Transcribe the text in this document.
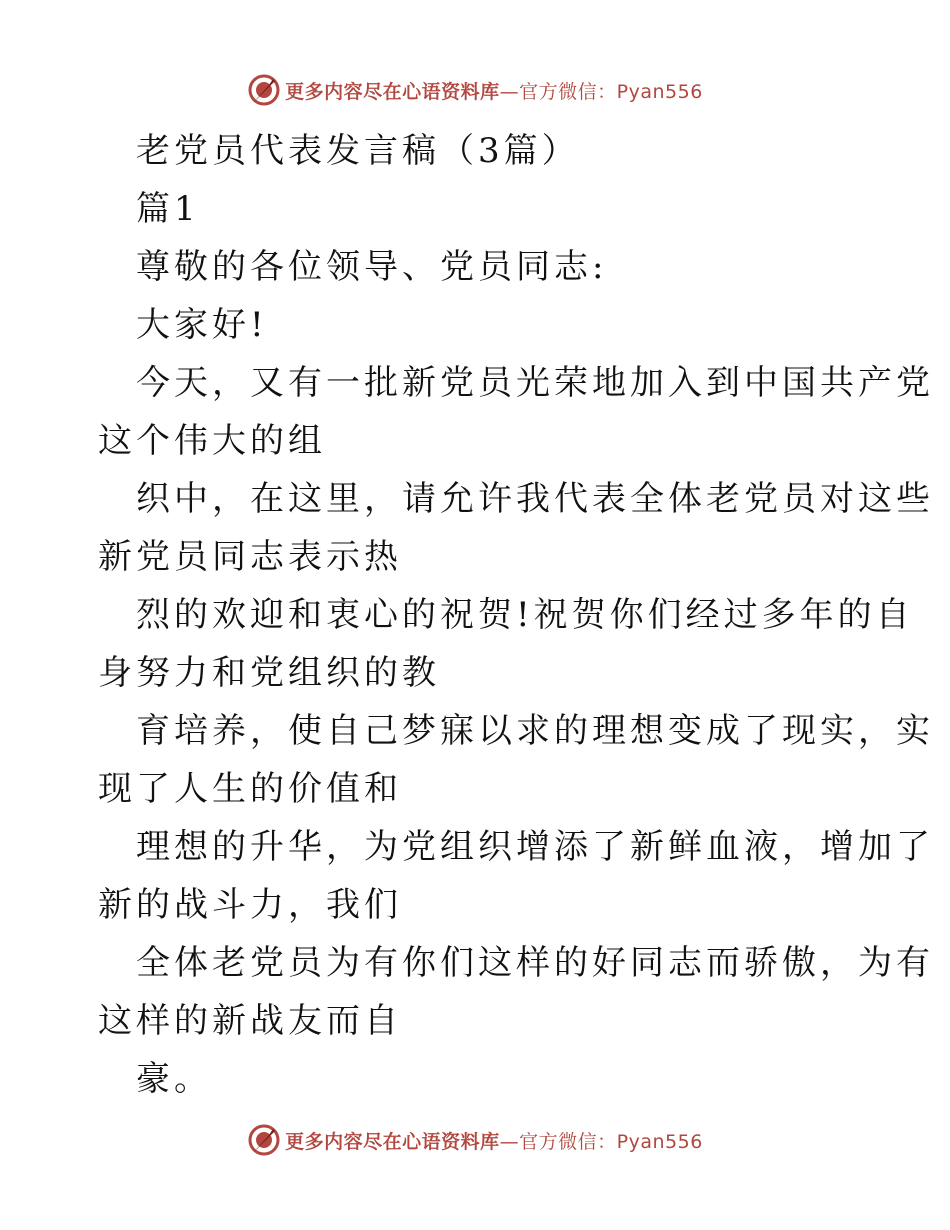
更多内容尽在心语资料库—官方微信：Pyan556

老党员代表发言稿（3篇）

篇1

尊敬的各位领导、党员同志:

大家好!

今天，又有一批新党员光荣地加入到中国共产党

这个伟大的组

织中，在这里，请允许我代表全体老党员对这些

新党员同志表示热

烈的欢迎和衷心的祝贺!祝贺你们经过多年的自

身努力和党组织的教

育培养，使自己梦寐以求的理想变成了现实，实

现了人生的价值和

理想的升华，为党组织增添了新鲜血液，增加了

新的战斗力，我们

全体老党员为有你们这样的好同志而骄傲，为有

这样的新战友而自

豪。

更多内容尽在心语资料库—官方微信：Pyan556
